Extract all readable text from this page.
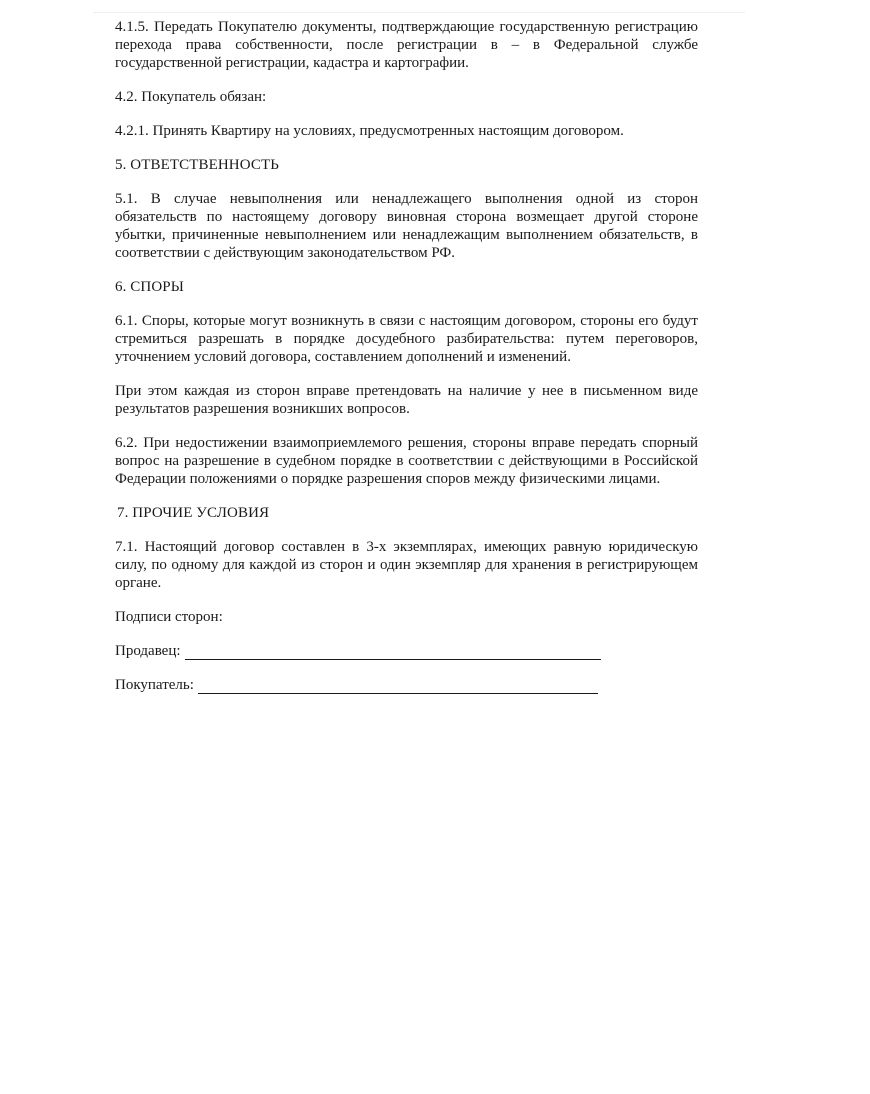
4.1.5. Передать Покупателю документы, подтверждающие государственную регистрацию перехода права собственности, после регистрации в – в Федеральной службе государственной регистрации, кадастра и картографии.

4.2. Покупатель обязан:

4.2.1. Принять Квартиру на условиях, предусмотренных настоящим договором.

5. ОТВЕТСТВЕННОСТЬ

5.1. В случае невыполнения или ненадлежащего выполнения одной из сторон обязательств по настоящему договору виновная сторона возмещает другой стороне убытки, причиненные невыполнением или ненадлежащим выполнением обязательств, в соответствии с действующим законодательством РФ.

6. СПОРЫ

6.1. Споры, которые могут возникнуть в связи с настоящим договором, стороны его будут стремиться разрешать в порядке досудебного разбирательства: путем переговоров, уточнением условий договора, составлением дополнений и изменений.

При этом каждая из сторон вправе претендовать на наличие у нее в письменном виде результатов разрешения возникших вопросов.

6.2. При недостижении взаимоприемлемого решения, стороны вправе передать спорный вопрос на разрешение в судебном порядке в соответствии с действующими в Российской Федерации положениями о порядке разрешения споров между физическими лицами.

7. ПРОЧИЕ УСЛОВИЯ

7.1. Настоящий договор составлен в 3-х экземплярах, имеющих равную юридическую силу, по одному для каждой из сторон и один экземпляр для хранения в регистрирующем органе.

Подписи сторон:

Продавец:
Покупатель:
